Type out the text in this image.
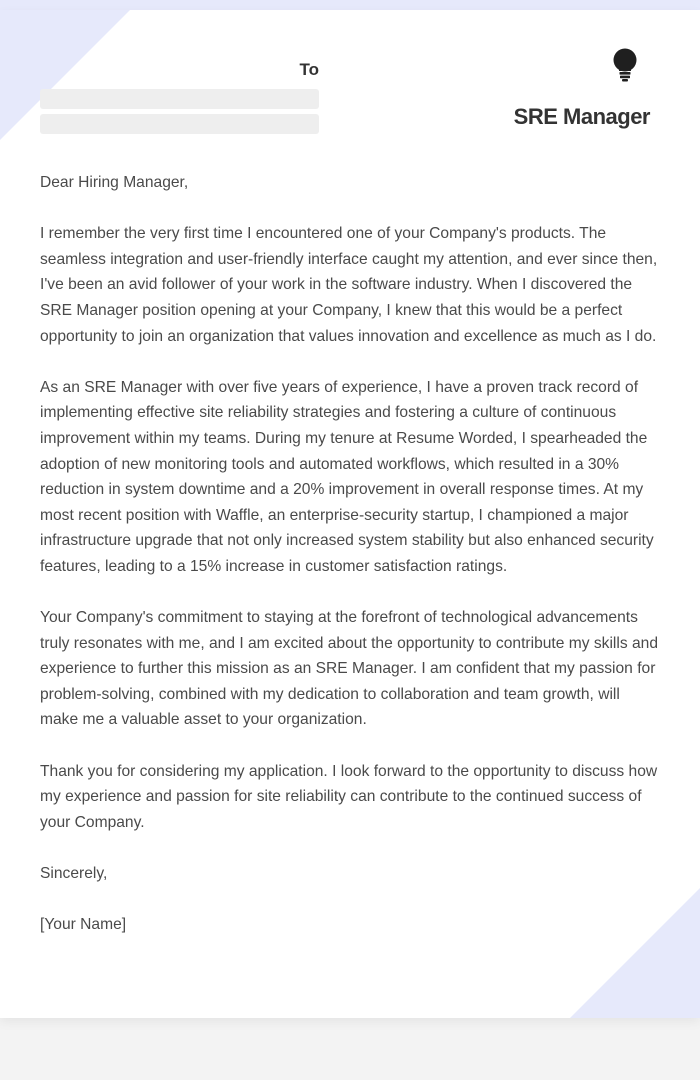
To
SRE Manager

Dear Hiring Manager,

I remember the very first time I encountered one of your Company's products. The seamless integration and user-friendly interface caught my attention, and ever since then, I've been an avid follower of your work in the software industry. When I discovered the SRE Manager position opening at your Company, I knew that this would be a perfect opportunity to join an organization that values innovation and excellence as much as I do.

As an SRE Manager with over five years of experience, I have a proven track record of implementing effective site reliability strategies and fostering a culture of continuous improvement within my teams. During my tenure at Resume Worded, I spearheaded the adoption of new monitoring tools and automated workflows, which resulted in a 30% reduction in system downtime and a 20% improvement in overall response times. At my most recent position with Waffle, an enterprise-security startup, I championed a major infrastructure upgrade that not only increased system stability but also enhanced security features, leading to a 15% increase in customer satisfaction ratings.

Your Company's commitment to staying at the forefront of technological advancements truly resonates with me, and I am excited about the opportunity to contribute my skills and experience to further this mission as an SRE Manager. I am confident that my passion for problem-solving, combined with my dedication to collaboration and team growth, will make me a valuable asset to your organization.

Thank you for considering my application. I look forward to the opportunity to discuss how my experience and passion for site reliability can contribute to the continued success of your Company.

Sincerely,

[Your Name]
